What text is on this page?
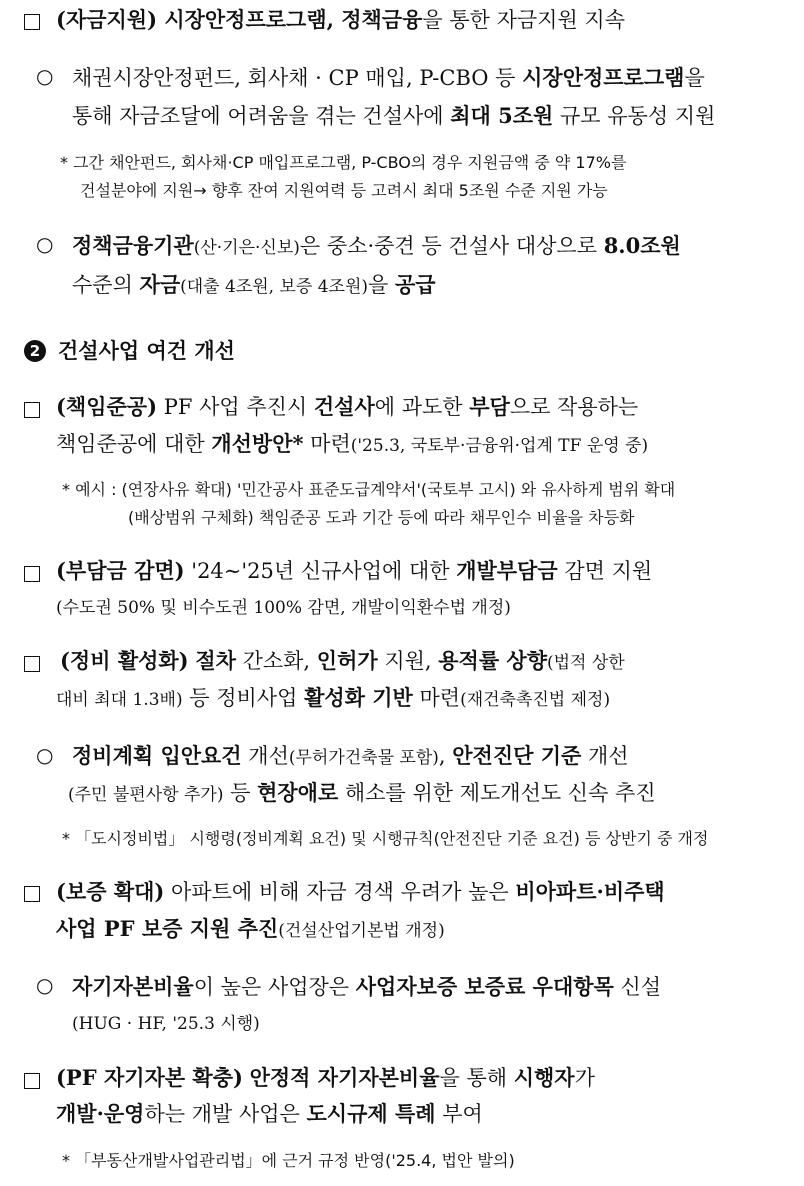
(자금지원) 시장안정프로그램, 정책금융을 통한 자금지원 지속
○ 채권시장안정펀드, 회사채 · CP 매입, P-CBO 등 시장안정프로그램을
통해 자금조달에 어려움을 겪는 건설사에 최대 5조원 규모 유동성 지원
* 그간 채안펀드, 회사채·CP 매입프로그램, P-CBO의 경우 지원금액 중 약 17%를
건설분야에 지원→ 향후 잔여 지원여력 등 고려시 최대 5조원 수준 지원 가능
○ 정책금융기관(산·기은·신보)은 중소·중견 등 건설사 대상으로 8.0조원
수준의 자금(대출 4조원, 보증 4조원)을 공급
2 건설사업 여건 개선
(책임준공) PF 사업 추진시 건설사에 과도한 부담으로 작용하는
책임준공에 대한 개선방안* 마련('25.3, 국토부·금융위·업계 TF 운영 중)
* 예시 : (연장사유 확대) '민간공사 표준도급계약서'(국토부 고시) 와 유사하게 범위 확대
(배상범위 구체화) 책임준공 도과 기간 등에 따라 채무인수 비율을 차등화
(부담금 감면) '24∼'25년 신규사업에 대한 개발부담금 감면 지원
(수도권 50% 및 비수도권 100% 감면, 개발이익환수법 개정)
(정비 활성화) 절차 간소화, 인허가 지원, 용적률 상향(법적 상한
대비 최대 1.3배) 등 정비사업 활성화 기반 마련(재건축촉진법 제정)
○ 정비계획 입안요건 개선(무허가건축물 포함), 안전진단 기준 개선
(주민 불편사항 추가) 등 현장애로 해소를 위한 제도개선도 신속 추진
* 「도시정비법」 시행령(정비계획 요건) 및 시행규칙(안전진단 기준 요건) 등 상반기 중 개정
(보증 확대) 아파트에 비해 자금 경색 우려가 높은 비아파트·비주택
사업 PF 보증 지원 추진(건설산업기본법 개정)
○ 자기자본비율이 높은 사업장은 사업자보증 보증료 우대항목 신설
(HUG · HF, '25.3 시행)
(PF 자기자본 확충) 안정적 자기자본비율을 통해 시행자가
개발·운영하는 개발 사업은 도시규제 특례 부여
* 「부동산개발사업관리법」에 근거 규정 반영('25.4, 법안 발의)
